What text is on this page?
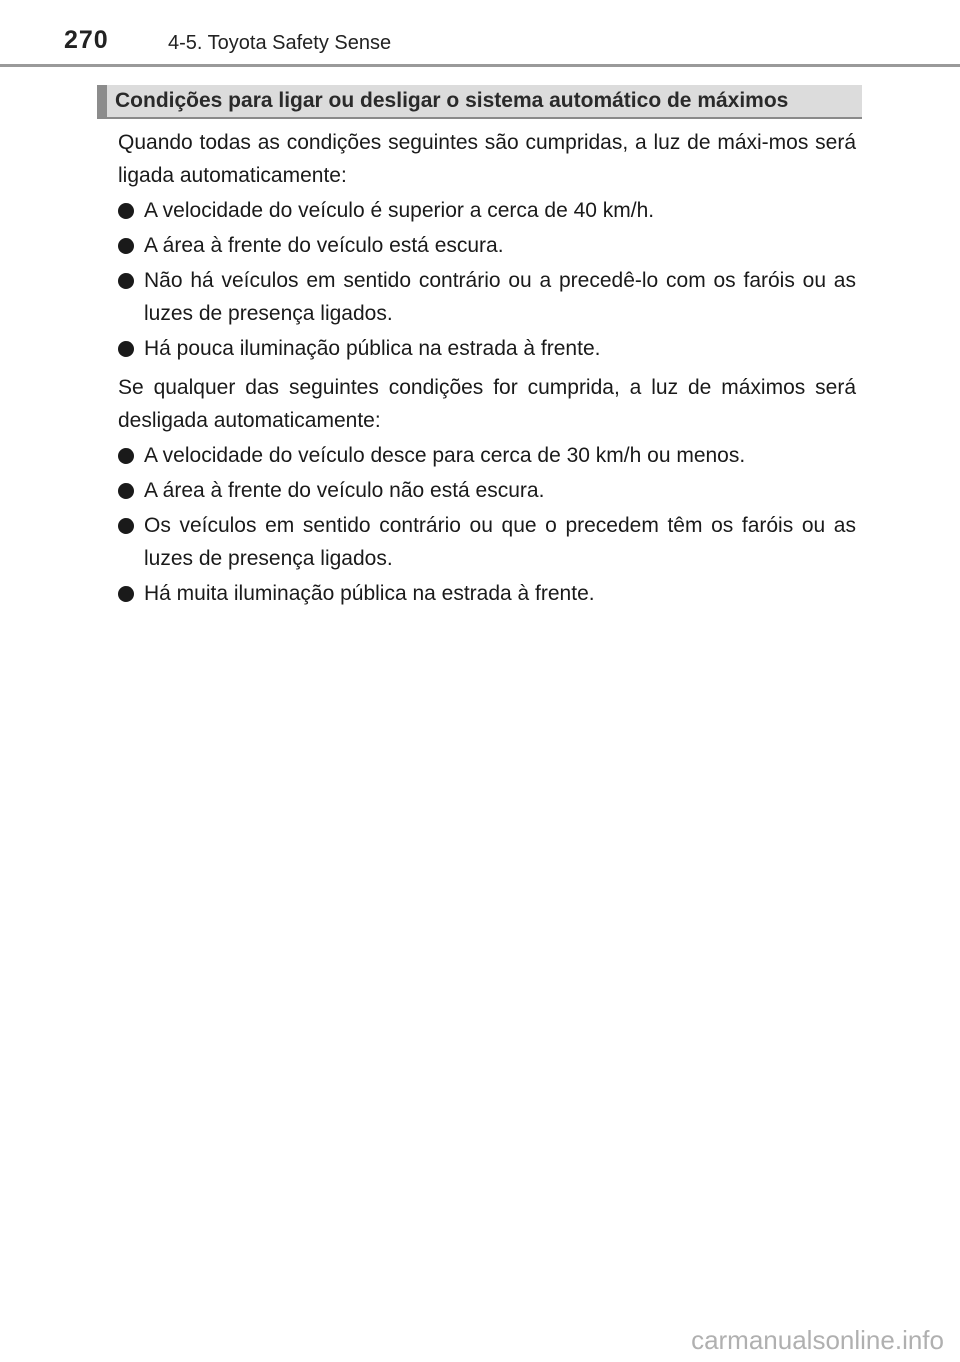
270	4-5. Toyota Safety Sense
Condições para ligar ou desligar o sistema automático de máximos

Quando todas as condições seguintes são cumpridas, a luz de máxi-mos será ligada automaticamente:

A velocidade do veículo é superior a cerca de 40 km/h.
A área à frente do veículo está escura.
Não há veículos em sentido contrário ou a precedê-lo com os faróis ou as luzes de presença ligados.
Há pouca iluminação pública na estrada à frente.

Se qualquer das seguintes condições for cumprida, a luz de máximos será desligada automaticamente:

A velocidade do veículo desce para cerca de 30 km/h ou menos.
A área à frente do veículo não está escura.
Os veículos em sentido contrário ou que o precedem têm os faróis ou as luzes de presença ligados.
Há muita iluminação pública na estrada à frente.
carmanualsonline.info
